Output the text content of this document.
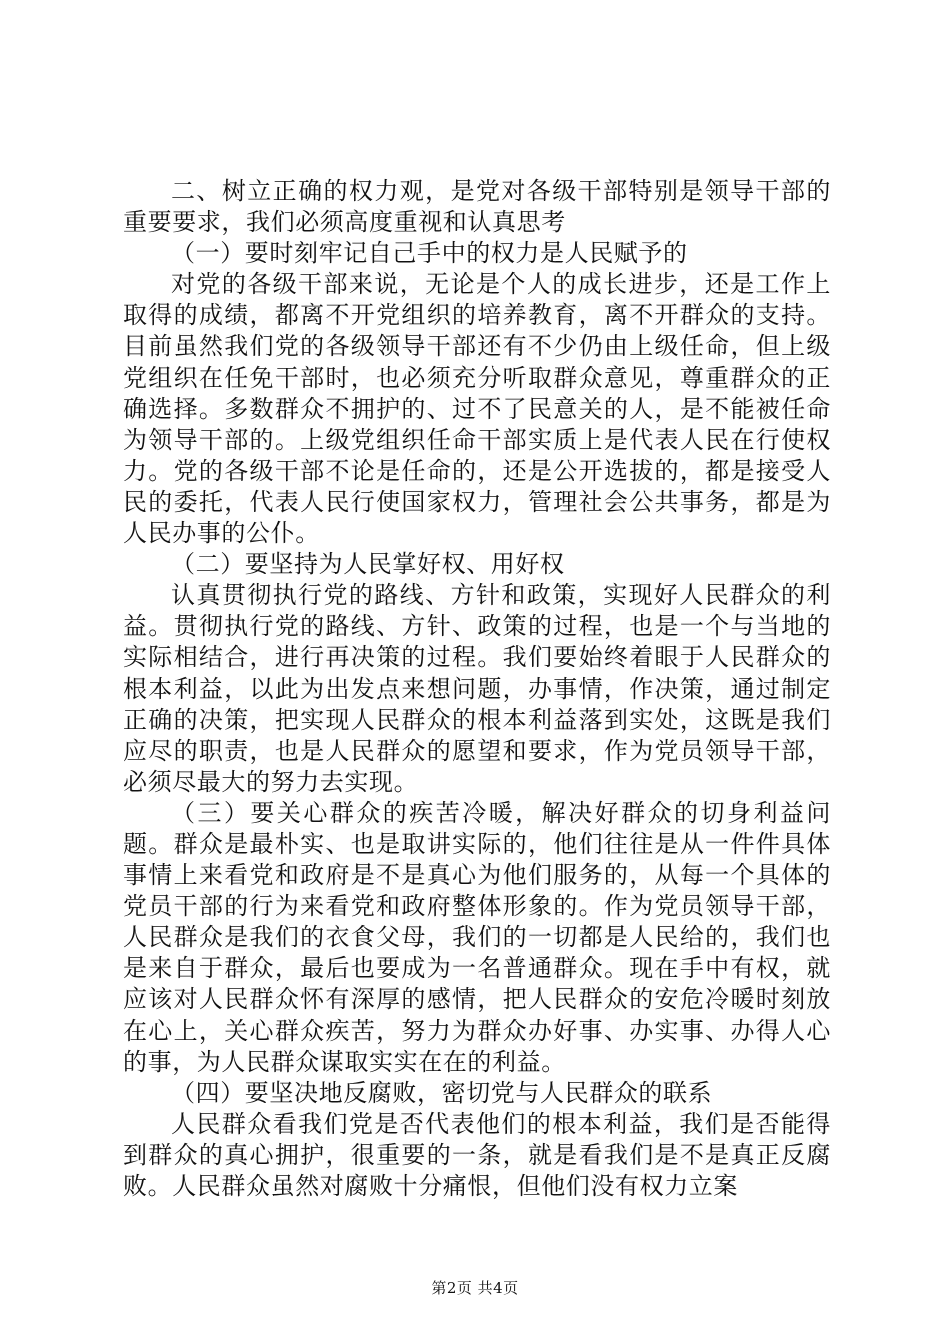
二、树立正确的权力观，是党对各级干部特别是领导干部的重要要求，我们必须高度重视和认真思考

（一）要时刻牢记自己手中的权力是人民赋予的

对党的各级干部来说，无论是个人的成长进步，还是工作上取得的成绩，都离不开党组织的培养教育，离不开群众的支持。目前虽然我们党的各级领导干部还有不少仍由上级任命，但上级党组织在任免干部时，也必须充分听取群众意见，尊重群众的正确选择。多数群众不拥护的、过不了民意关的人，是不能被任命为领导干部的。上级党组织任命干部实质上是代表人民在行使权力。党的各级干部不论是任命的，还是公开选拔的，都是接受人民的委托，代表人民行使国家权力，管理社会公共事务，都是为人民办事的公仆。

（二）要坚持为人民掌好权、用好权

认真贯彻执行党的路线、方针和政策，实现好人民群众的利益。贯彻执行党的路线、方针、政策的过程，也是一个与当地的实际相结合，进行再决策的过程。我们要始终着眼于人民群众的根本利益，以此为出发点来想问题，办事情，作决策，通过制定正确的决策，把实现人民群众的根本利益落到实处，这既是我们应尽的职责，也是人民群众的愿望和要求，作为党员领导干部，必须尽最大的努力去实现。

（三）要关心群众的疾苦冷暖，解决好群众的切身利益问题。群众是最朴实、也是取讲实际的，他们往往是从一件件具体事情上来看党和政府是不是真心为他们服务的，从每一个具体的党员干部的行为来看党和政府整体形象的。作为党员领导干部，人民群众是我们的衣食父母，我们的一切都是人民给的，我们也是来自于群众，最后也要成为一名普通群众。现在手中有权，就应该对人民群众怀有深厚的感情，把人民群众的安危冷暖时刻放在心上，关心群众疾苦，努力为群众办好事、办实事、办得人心的事，为人民群众谋取实实在在的利益。

（四）要坚决地反腐败，密切党与人民群众的联系

人民群众看我们党是否代表他们的根本利益，我们是否能得到群众的真心拥护，很重要的一条，就是看我们是不是真正反腐败。人民群众虽然对腐败十分痛恨，但他们没有权力立案

第2页 共4页
